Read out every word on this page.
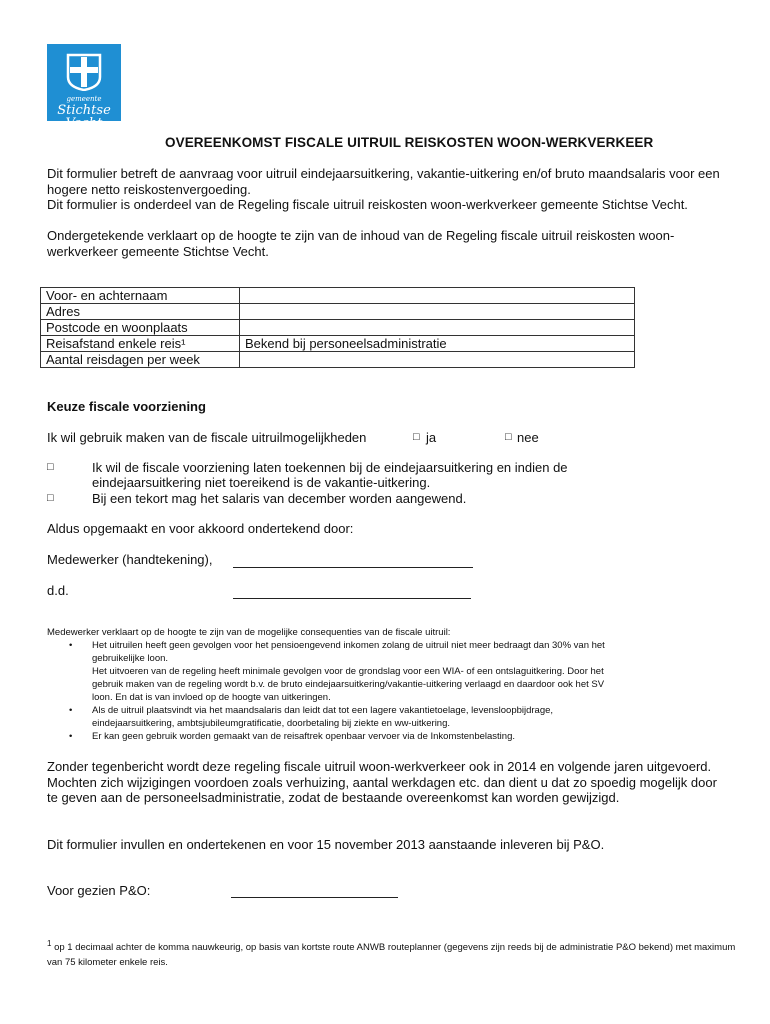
gemeente
Stichtse
Vecht
OVEREENKOMST FISCALE UITRUIL REISKOSTEN WOON-WERKVERKEER
Dit formulier betreft de aanvraag voor uitruil eindejaarsuitkering, vakantie-uitkering en/of bruto maandsalaris voor een hogere netto reiskostenvergoeding.
Dit formulier is onderdeel van de Regeling fiscale uitruil reiskosten woon-werkverkeer gemeente Stichtse Vecht.
Ondergetekende verklaart op de hoogte te zijn van de inhoud van de Regeling fiscale uitruil reiskosten woon-werkverkeer gemeente Stichtse Vecht.
Voor- en achternaam	
Adres	
Postcode en woonplaats	
Reisafstand enkele reis¹	Bekend bij personeelsadministratie
Aantal reisdagen per week	
Keuze fiscale voorziening
Ik wil gebruik maken van de fiscale uitruilmogelijkheden	□ ja	□ nee
□	Ik wil de fiscale voorziening laten toekennen bij de eindejaarsuitkering en indien de
eindejaarsuitkering niet toereikend is de vakantie-uitkering.
□	Bij een tekort mag het salaris van december worden aangewend.
Aldus opgemaakt en voor akkoord ondertekend door:
Medewerker (handtekening),
d.d.
Medewerker verklaart op de hoogte te zijn van de mogelijke consequenties van de fiscale uitruil:
• Het uitruilen heeft geen gevolgen voor het pensioengevend inkomen zolang de uitruil niet meer bedraagt dan 30% van het
gebruikelijke loon.
Het uitvoeren van de regeling heeft minimale gevolgen voor de grondslag voor een WIA- of een ontslaguitkering. Door het
gebruik maken van de regeling wordt b.v. de bruto eindejaarsuitkering/vakantie-uitkering verlaagd en daardoor ook het SV
loon. En dat is van invloed op de hoogte van uitkeringen.
• Als de uitruil plaatsvindt via het maandsalaris dan leidt dat tot een lagere vakantietoelage, levensloopbijdrage,
eindejaarsuitkering, ambtsjubileumgratificatie, doorbetaling bij ziekte en ww-uitkering.
• Er kan geen gebruik worden gemaakt van de reisaftrek openbaar vervoer via de Inkomstenbelasting.
Zonder tegenbericht wordt deze regeling fiscale uitruil woon-werkverkeer ook in 2014 en volgende jaren uitgevoerd. Mochten zich wijzigingen voordoen zoals verhuizing, aantal werkdagen etc. dan dient u dat zo spoedig mogelijk door te geven aan de personeelsadministratie, zodat de bestaande overeenkomst kan worden gewijzigd.
Dit formulier invullen en ondertekenen en voor 15 november 2013 aanstaande inleveren bij P&O.
Voor gezien P&O:
$^1$ op 1 decimaal achter de komma nauwkeurig, op basis van kortste route ANWB routeplanner (gegevens zijn reeds bij de administratie P&O bekend) met maximum van 75 kilometer enkele reis.
